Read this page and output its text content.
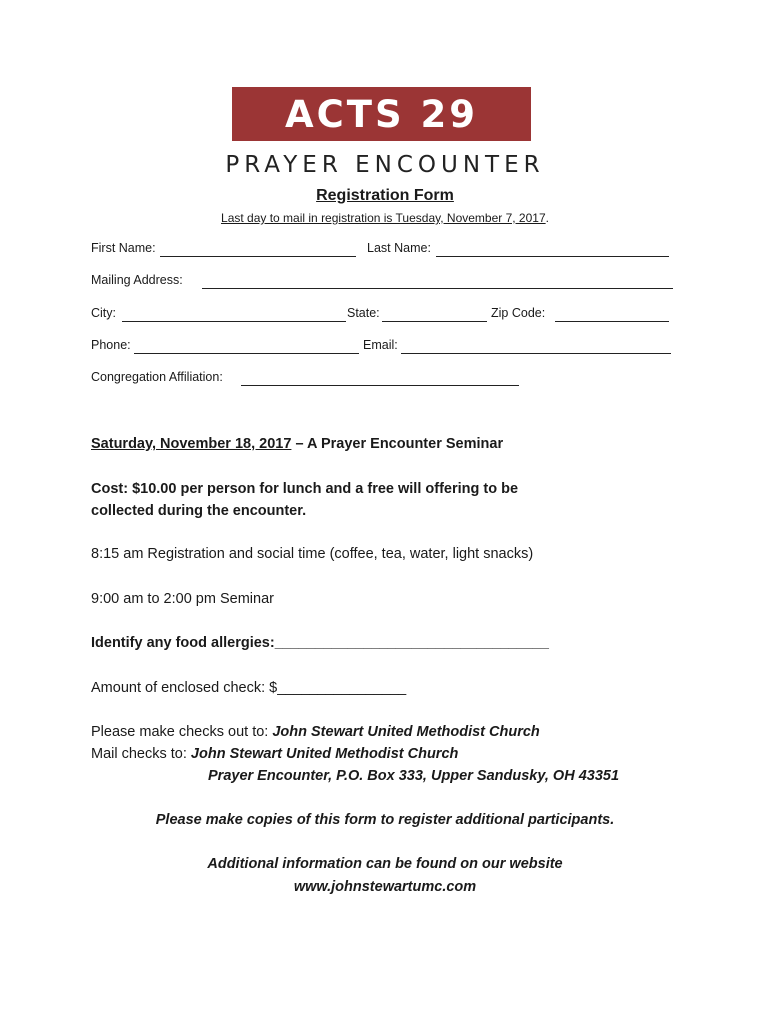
ACTS 29
PRAYER ENCOUNTER
Registration Form
Last day to mail in registration is Tuesday, November 7, 2017.
First Name:	Last Name:
Mailing Address:
City:	State:	Zip Code:
Phone:	Email:
Congregation Affiliation:
Saturday, November 18, 2017 – A Prayer Encounter Seminar
Cost: $10.00 per person for lunch and a free will offering to be
collected during the encounter.
8:15 am Registration and social time (coffee, tea, water, light snacks)
9:00 am to 2:00 pm Seminar
Identify any food allergies:__________________________________
Amount of enclosed check: $________________
Please make checks out to: John Stewart United Methodist Church
Mail checks to: John Stewart United Methodist Church
Prayer Encounter, P.O. Box 333, Upper Sandusky, OH 43351
Please make copies of this form to register additional participants.
Additional information can be found on our website
www.johnstewartumc.com
